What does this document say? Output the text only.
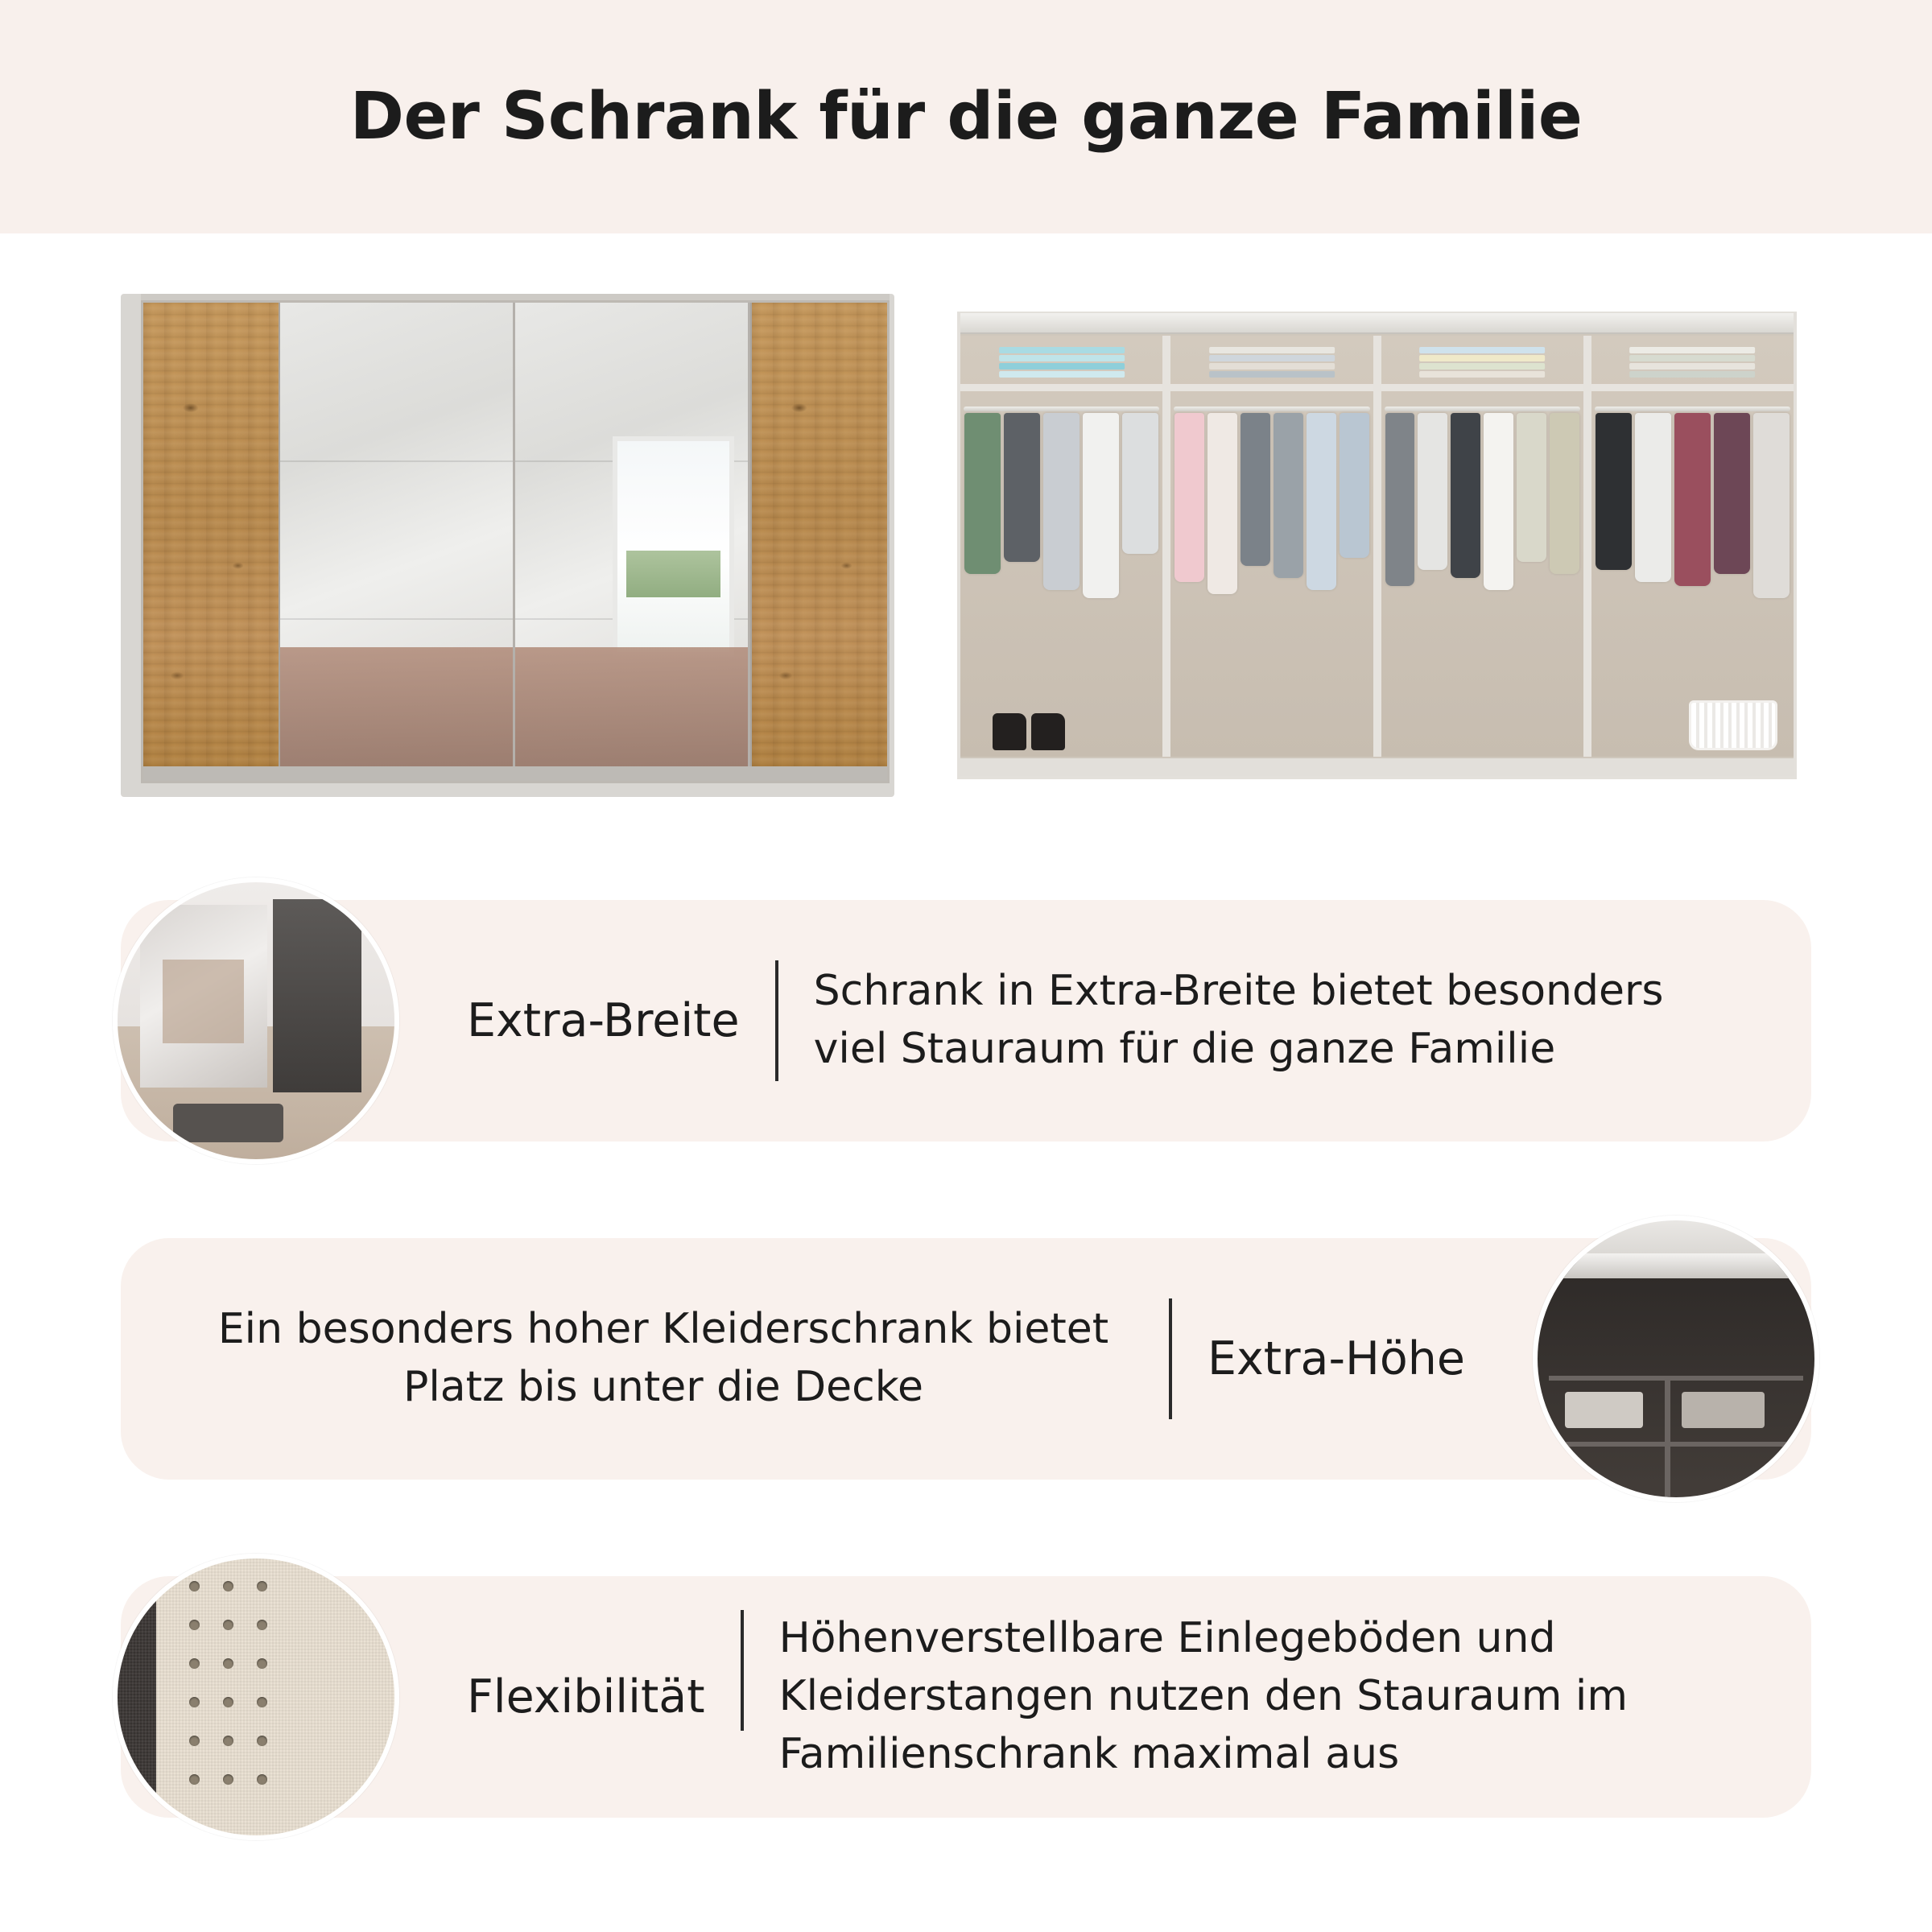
Der Schrank für die ganze Familie
Extra-Breite
Schrank in Extra-Breite bietet besonders viel Stauraum für die ganze Familie
Ein besonders hoher Kleiderschrank bietet Platz bis unter die Decke
Extra-Höhe
Flexibilität
Höhenverstellbare Einlegeböden und Kleiderstangen nutzen den Stauraum im Familienschrank maximal aus
